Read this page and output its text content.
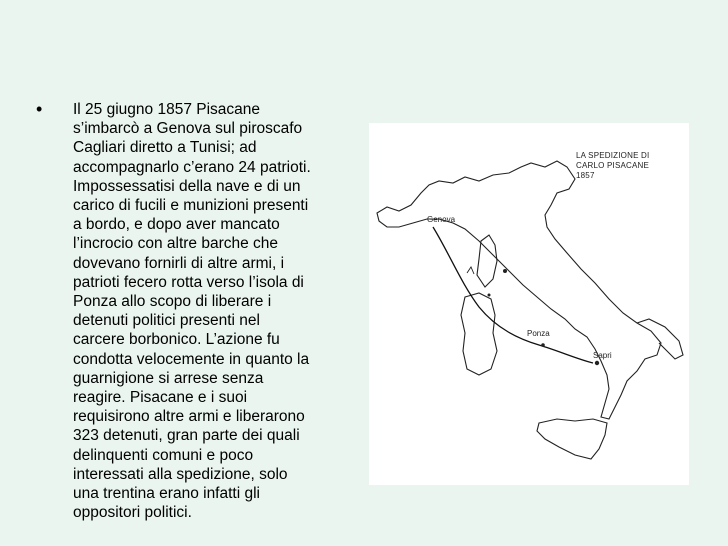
• Il 25 giugno 1857 Pisacane
s’imbarcò a Genova sul piroscafo
Cagliari diretto a Tunisi; ad
accompagnarlo c’erano 24 patrioti.
Impossessatisi della nave e di un
carico di fucili e munizioni presenti
a bordo, e dopo aver mancato
l’incrocio con altre barche che
dovevano fornirli di altre armi, i
patrioti fecero rotta verso l’isola di
Ponza allo scopo di liberare i
detenuti politici presenti nel
carcere borbonico. L’azione fu
condotta velocemente in quanto la
guarnigione si arrese senza
reagire. Pisacane e i suoi
requisirono altre armi e liberarono
323 detenuti, gran parte dei quali
delinquenti comuni e poco
interessati alla spedizione, solo
una trentina erano infatti gli
oppositori politici.
LA SPEDIZIONE DI
CARLO PISACANE
1857
Genova
Ponza
Sapri
